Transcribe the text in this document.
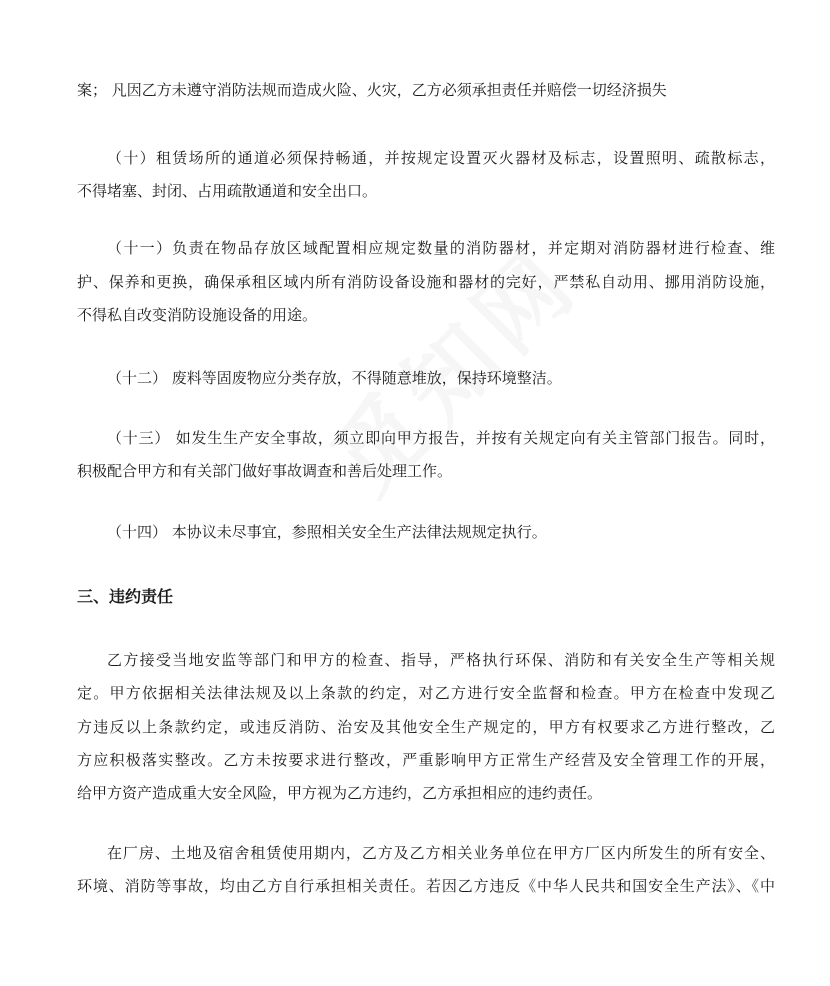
案； 凡因乙方未遵守消防法规而造成火险、火灾，乙方必须承担责任并赔偿一切经济损失
（十）租赁场所的通道必须保持畅通，并按规定设置灭火器材及标志，设置照明、疏散标志，
不得堵塞、封闭、占用疏散通道和安全出口。
（十一）负责在物品存放区域配置相应规定数量的消防器材，并定期对消防器材进行检查、维
护、保养和更换，确保承租区域内所有消防设备设施和器材的完好，严禁私自动用、挪用消防设施，
不得私自改变消防设施设备的用途。
（十二） 废料等固废物应分类存放，不得随意堆放，保持环境整洁。
（十三） 如发生生产安全事故，须立即向甲方报告，并按有关规定向有关主管部门报告。同时，
积极配合甲方和有关部门做好事故调查和善后处理工作。
（十四） 本协议未尽事宜，参照相关安全生产法律法规规定执行。
三、违约责任
乙方接受当地安监等部门和甲方的检查、指导，严格执行环保、消防和有关安全生产等相关规
定。甲方依据相关法律法规及以上条款的约定，对乙方进行安全监督和检查。甲方在检查中发现乙
方违反以上条款约定，或违反消防、治安及其他安全生产规定的，甲方有权要求乙方进行整改，乙
方应积极落实整改。乙方未按要求进行整改，严重影响甲方正常生产经营及安全管理工作的开展，
给甲方资产造成重大安全风险，甲方视为乙方违约，乙方承担相应的违约责任。
在厂房、土地及宿舍租赁使用期内，乙方及乙方相关业务单位在甲方厂区内所发生的所有安全、
环境、消防等事故，均由乙方自行承担相关责任。若因乙方违反《中华人民共和国安全生产法》、《中
